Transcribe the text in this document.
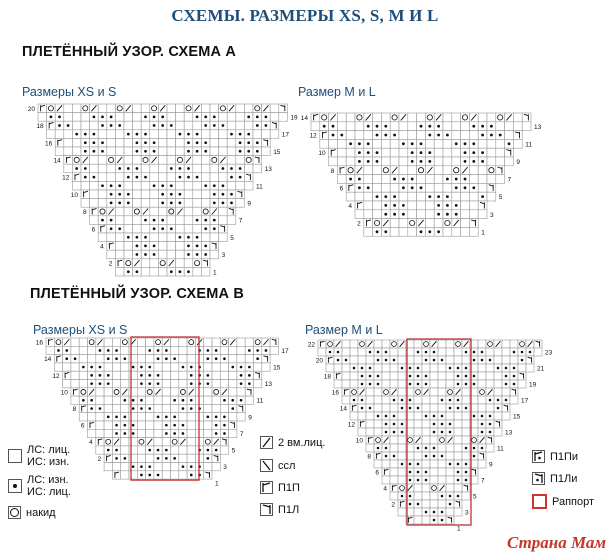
СХЕМЫ. РАЗМЕРЫ XS, S, M И L
ПЛЕТЁННЫЙ УЗОР. СХЕМА А
Размеры XS и S	Размер M и L
ПЛЕТЁННЫЙ УЗОР. СХЕМА В
Размеры XS и S	Размер M и L
20
18
16
14
12
10
8
6
4
2
19
17
15
13
11
9
7
5
3
1
14
12
10
8
6
4
2
13
11
9
7
5
3
1
16
14
12
10
8
6
4
2
17
15
13
11
9
7
5
3
1
22
20
18
16
14
12
10
8
6
4
2
23
21
19
17
15
13
11
9
7
5
3
1
ЛС: лиц.
ИС: изн.
ЛС: изн.
ИС: лиц.
накид
2 вм.лиц.
ссл
П1П
П1Л
П1Пи
П1Ли
Раппорт
Страна Мам
